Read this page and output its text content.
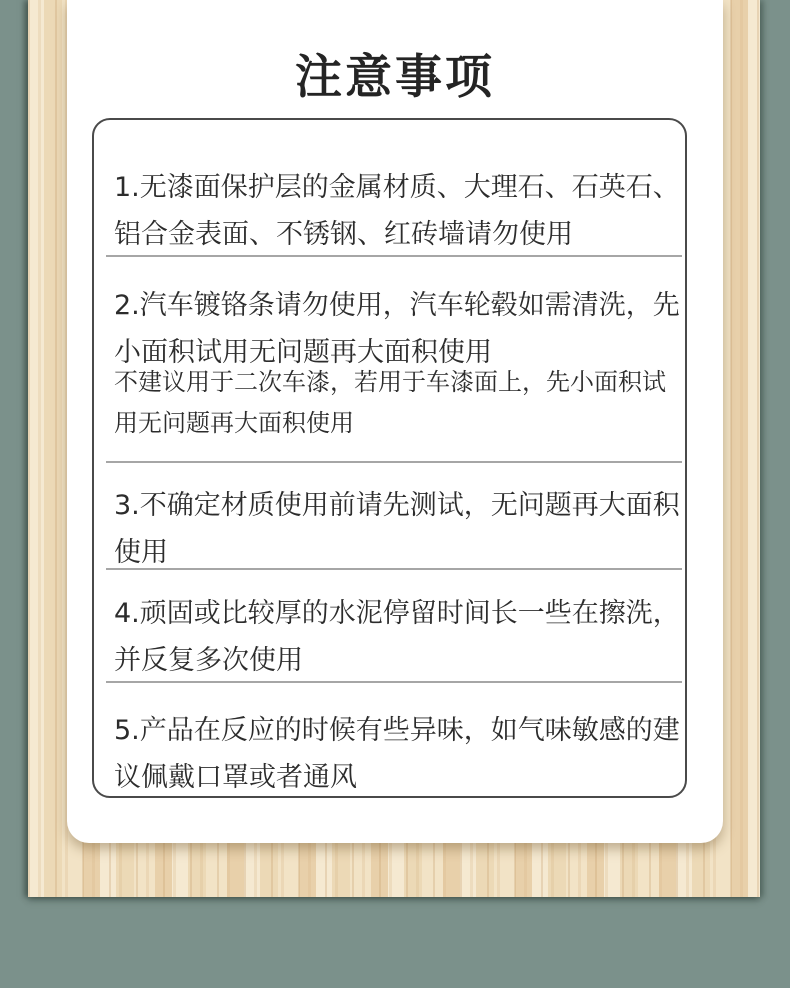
注意事项

1.无漆面保护层的金属材质、大理石、石英石、铝合金表面、不锈钢、红砖墙请勿使用

2.汽车镀铬条请勿使用，汽车轮毂如需清洗，先小面积试用无问题再大面积使用

不建议用于二次车漆，若用于车漆面上，先小面积试用无问题再大面积使用

3.不确定材质使用前请先测试，无问题再大面积使用

4.顽固或比较厚的水泥停留时间长一些在擦洗，并反复多次使用

5.产品在反应的时候有些异味，如气味敏感的建议佩戴口罩或者通风
